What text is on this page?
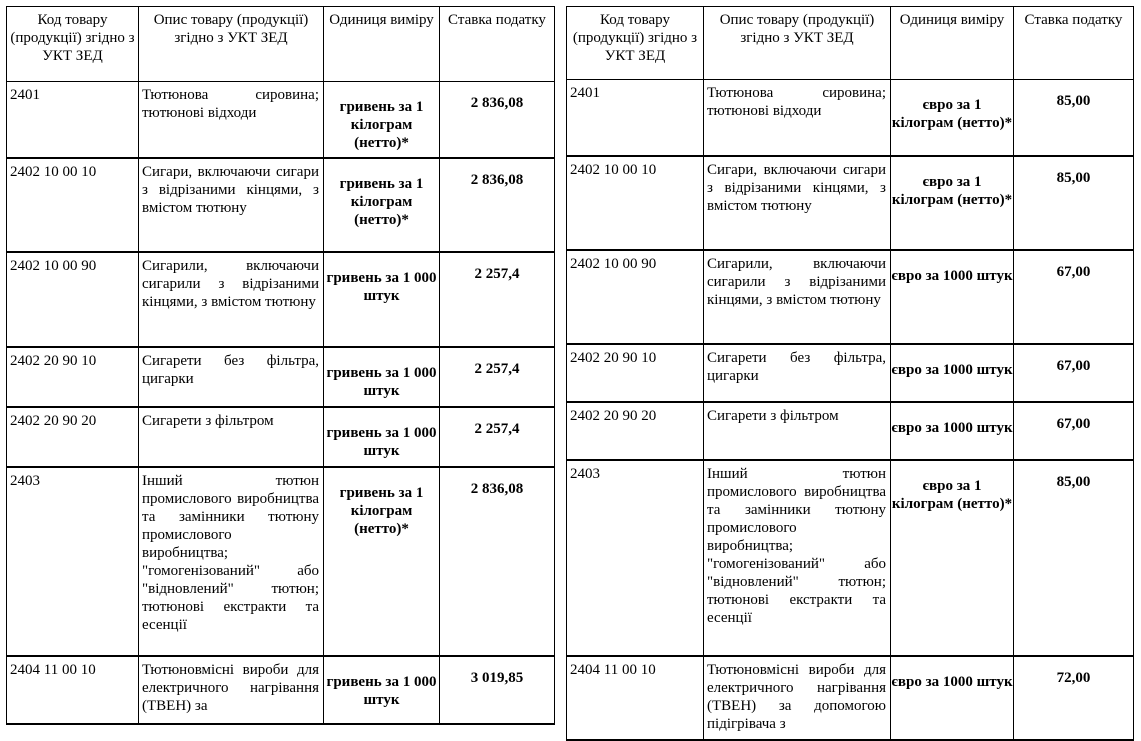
Код товару (продукції) згідно з УКТ ЗЕД	Опис товару (продукції) згідно з УКТ ЗЕД	Одиниця виміру	Ставка податку
2401	Тютюнова сировина; тютюнові відходи	гривень за 1 кілограм (нетто)*	2 836,08
2402 10 00 10	Сигари, включаючи сигари з відрізаними кінцями, з вмістом тютюну	гривень за 1 кілограм (нетто)*	2 836,08
2402 10 00 90	Сигарили, включаючи сигарили з відрізаними кінцями, з вмістом тютюну	гривень за 1 000 штук	2 257,4
2402 20 90 10	Сигарети без фільтра, цигарки	гривень за 1 000 штук	2 257,4
2402 20 90 20	Сигарети з фільтром	гривень за 1 000 штук	2 257,4
2403	Інший тютюн промислового виробництва та замінники тютюну промислового виробництва; "гомогенізований" або "відновлений" тютюн; тютюнові екстракти та есенції	гривень за 1 кілограм (нетто)*	2 836,08
2404 11 00 10	Тютюновмісні вироби для електричного нагрівання (ТВЕН) за	гривень за 1 000 штук	3 019,85
Код товару (продукції) згідно з УКТ ЗЕД	Опис товару (продукції) згідно з УКТ ЗЕД	Одиниця виміру	Ставка податку
2401	Тютюнова сировина; тютюнові відходи	євро за 1 кілограм (нетто)*	85,00
2402 10 00 10	Сигари, включаючи сигари з відрізаними кінцями, з вмістом тютюну	євро за 1 кілограм (нетто)*	85,00
2402 10 00 90	Сигарили, включаючи сигарили з відрізаними кінцями, з вмістом тютюну	євро за 1000 штук	67,00
2402 20 90 10	Сигарети без фільтра, цигарки	євро за 1000 штук	67,00
2402 20 90 20	Сигарети з фільтром	євро за 1000 штук	67,00
2403	Інший тютюн промислового виробництва та замінники тютюну промислового виробництва; "гомогенізований" або "відновлений" тютюн; тютюнові екстракти та есенції	євро за 1 кілограм (нетто)*	85,00
2404 11 00 10	Тютюновмісні вироби для електричного нагрівання (ТВЕН) за допомогою підігрівача з	євро за 1000 штук	72,00
